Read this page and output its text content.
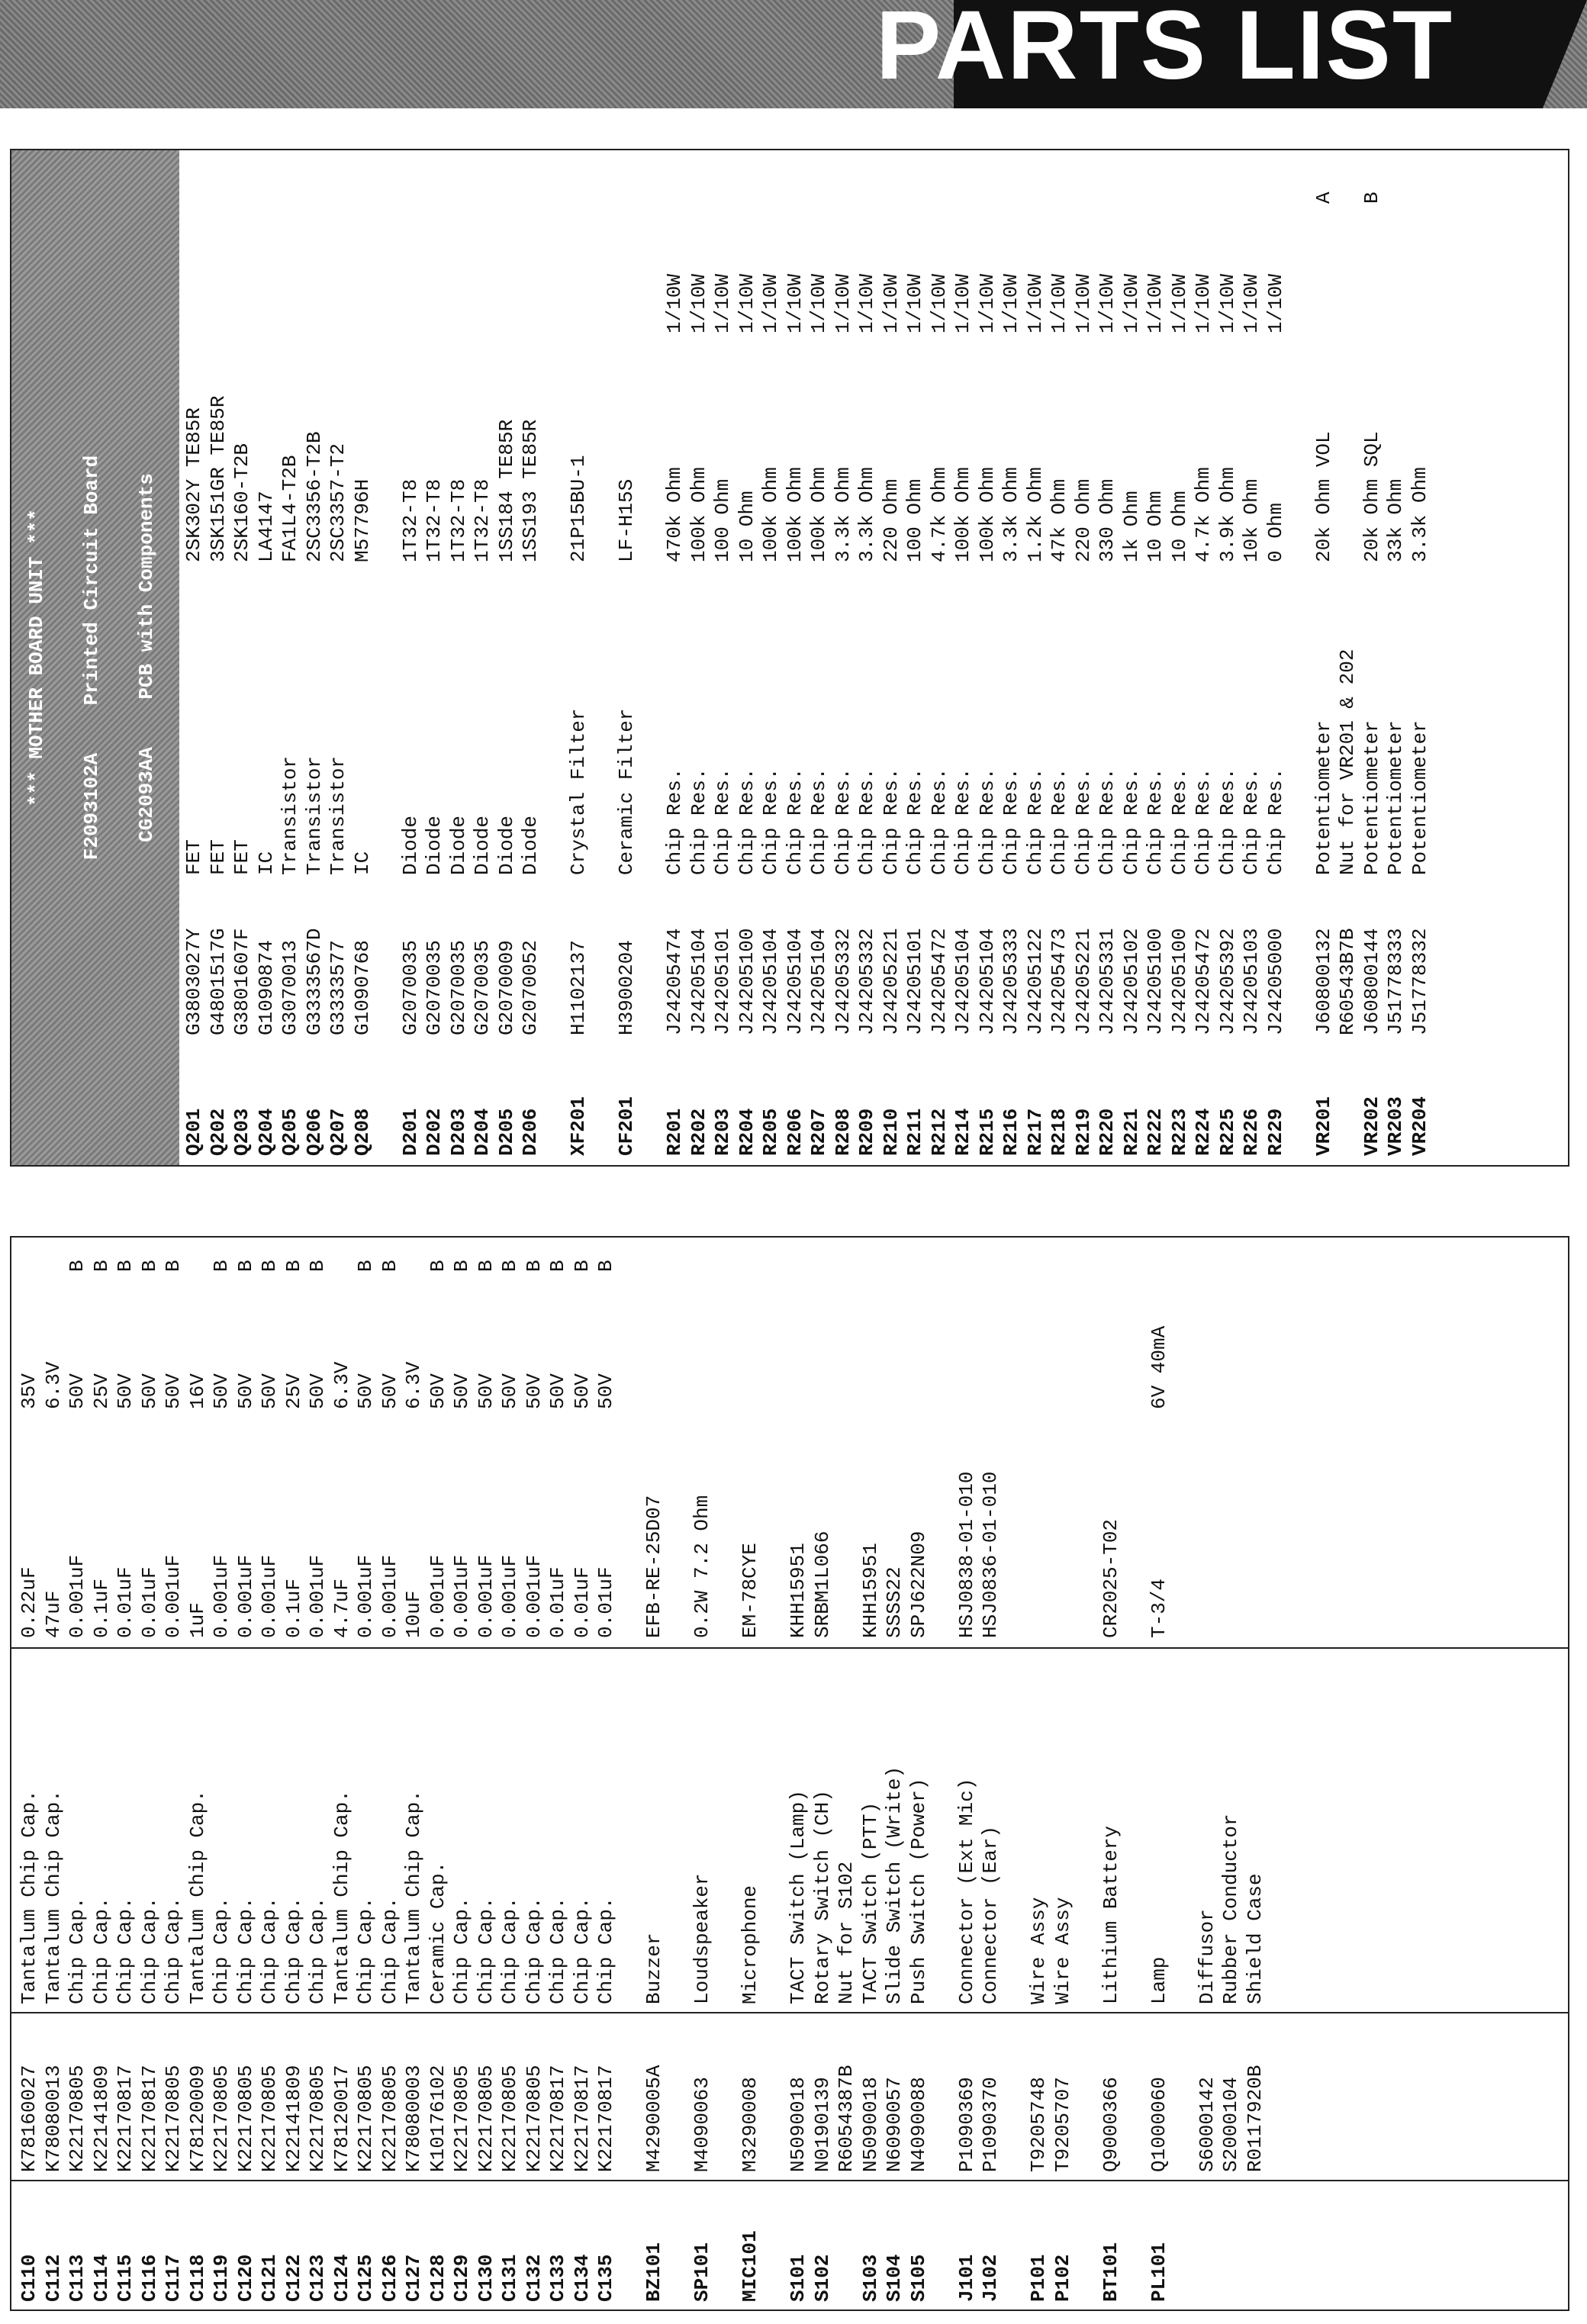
PARTS LIST
*** MOTHER BOARD UNIT *** F2093102A    Printed Circuit Board CG2093AA    PCB with Components
Q201
G3803027Y
FET
2SK302Y TE85R
Q202
G4801517G
FET
3SK151GR TE85R
Q203
G3801607F
FET
2SK160-T2B
Q204
G1090874
IC
LA4147
Q205
G3070013
Transistor
FA1L4-T2B
Q206
G3333567D
Transistor
2SC3356-T2B
Q207
G3333577
Transistor
2SC3357-T2
Q208
G1090768
IC
M57796H
D201
G2070035
Diode
1T32-T8
D202
G2070035
Diode
1T32-T8
D203
G2070035
Diode
1T32-T8
D204
G2070035
Diode
1T32-T8
D205
G2070009
Diode
1SS184 TE85R
D206
G2070052
Diode
1SS193 TE85R
XF201
H1102137
Crystal Filter
21P15BU-1
CF201
H3900204
Ceramic Filter
LF-H15S
R201
J24205474
Chip Res.
470k Ohm
1/10W
R202
J24205104
Chip Res.
100k Ohm
1/10W
R203
J24205101
Chip Res.
100 Ohm
1/10W
R204
J24205100
Chip Res.
10 Ohm
1/10W
R205
J24205104
Chip Res.
100k Ohm
1/10W
R206
J24205104
Chip Res.
100k Ohm
1/10W
R207
J24205104
Chip Res.
100k Ohm
1/10W
R208
J24205332
Chip Res.
3.3k Ohm
1/10W
R209
J24205332
Chip Res.
3.3k Ohm
1/10W
R210
J24205221
Chip Res.
220 Ohm
1/10W
R211
J24205101
Chip Res.
100 Ohm
1/10W
R212
J24205472
Chip Res.
4.7k Ohm
1/10W
R214
J24205104
Chip Res.
100k Ohm
1/10W
R215
J24205104
Chip Res.
100k Ohm
1/10W
R216
J24205333
Chip Res.
3.3k Ohm
1/10W
R217
J24205122
Chip Res.
1.2k Ohm
1/10W
R218
J24205473
Chip Res.
47k Ohm
1/10W
R219
J24205221
Chip Res.
220 Ohm
1/10W
R220
J24205331
Chip Res.
330 Ohm
1/10W
R221
J24205102
Chip Res.
1k Ohm
1/10W
R222
J24205100
Chip Res.
10 Ohm
1/10W
R223
J24205100
Chip Res.
10 Ohm
1/10W
R224
J24205472
Chip Res.
4.7k Ohm
1/10W
R225
J24205392
Chip Res.
3.9k Ohm
1/10W
R226
J24205103
Chip Res.
10k Ohm
1/10W
R229
J24205000
Chip Res.
0 Ohm
1/10W
VR201
J60800132
Potentiometer
20k Ohm VOL
A
R60543B7B
Nut for VR201 & 202
VR202
J60800144
Potentiometer
20k Ohm SQL
B
VR203
J51778333
Potentiometer
33k Ohm
VR204
J51778332
Potentiometer
3.3k Ohm
C110
K78160027
Tantalum Chip Cap.
0.22uF
35V
C112
K78080013
Tantalum Chip Cap.
47uF
6.3V
C113
K22170805
Chip Cap.
0.001uF
50V
B
C114
K22141809
Chip Cap.
0.1uF
25V
B
C115
K22170817
Chip Cap.
0.01uF
50V
B
C116
K22170817
Chip Cap.
0.01uF
50V
B
C117
K22170805
Chip Cap.
0.001uF
50V
B
C118
K78120009
Tantalum Chip Cap.
1uF
16V
C119
K22170805
Chip Cap.
0.001uF
50V
B
C120
K22170805
Chip Cap.
0.001uF
50V
B
C121
K22170805
Chip Cap.
0.001uF
50V
B
C122
K22141809
Chip Cap.
0.1uF
25V
B
C123
K22170805
Chip Cap.
0.001uF
50V
B
C124
K78120017
Tantalum Chip Cap.
4.7uF
6.3V
C125
K22170805
Chip Cap.
0.001uF
50V
B
C126
K22170805
Chip Cap.
0.001uF
50V
B
C127
K78080003
Tantalum Chip Cap.
10uF
6.3V
C128
K10176102
Ceramic Cap.
0.001uF
50V
B
C129
K22170805
Chip Cap.
0.001uF
50V
B
C130
K22170805
Chip Cap.
0.001uF
50V
B
C131
K22170805
Chip Cap.
0.001uF
50V
B
C132
K22170805
Chip Cap.
0.001uF
50V
B
C133
K22170817
Chip Cap.
0.01uF
50V
B
C134
K22170817
Chip Cap.
0.01uF
50V
B
C135
K22170817
Chip Cap.
0.01uF
50V
B
BZ101
M4290005A
Buzzer
EFB-RE-25D07
SP101
M4090063
Loudspeaker
0.2W 7.2 Ohm
MIC101
M3290008
Microphone
EM-78CYE
S101
N5090018
TACT Switch (Lamp)
KHH15951
S102
N0190139
Rotary Switch (CH)
SRBM1L066
R6054387B
Nut for S102
S103
N5090018
TACT Switch (PTT)
KHH15951
S104
N6090057
Slide Switch (Write)
SSSS22
S105
N4090088
Push Switch (Power)
SPJ622N09
J101
P1090369
Connector (Ext Mic)
HSJ0838-01-010
J102
P1090370
Connector (Ear)
HSJ0836-01-010
P101
T9205748
Wire Assy
P102
T9205707
Wire Assy
BT101
Q9000366
Lithium Battery
CR2025-T02
PL101
Q1000060
Lamp
T-3/4
6V 40mA
S6000142
Diffusor
S2000104
Rubber Conductor
R0117920B
Shield Case
